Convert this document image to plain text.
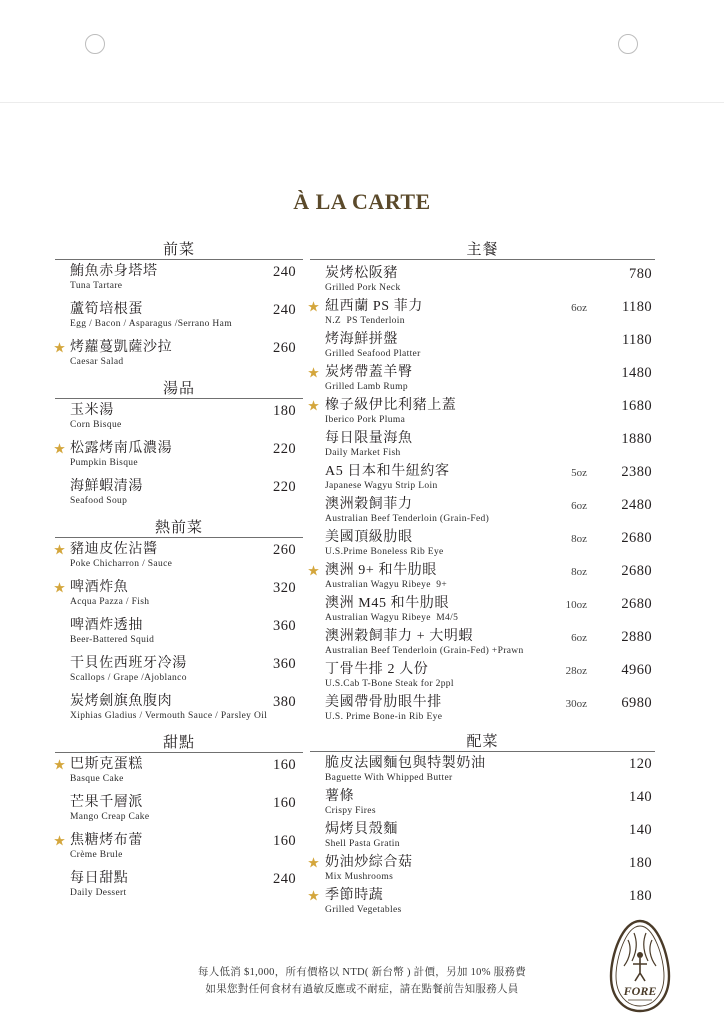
À LA CARTE
前菜
鮪魚赤身塔塔	240
Tuna Tartare
蘆筍培根蛋	240
Egg / Bacon / Asparagus /Serrano Ham
烤蘿蔓凱薩沙拉	260
Caesar Salad
湯品
玉米湯	180
Corn Bisque
松露烤南瓜濃湯	220
Pumpkin Bisque
海鮮蝦清湯	220
Seafood Soup
熱前菜
豬迪皮佐沾醬	260
Poke Chicharron / Sauce
啤酒炸魚	320
Acqua Pazza / Fish
啤酒炸透抽	360
Beer-Battered Squid
干貝佐西班牙冷湯	360
Scallops / Grape /Ajoblanco
炭烤劍旗魚腹肉	380
Xiphias Gladius / Vermouth Sauce / Parsley Oil
甜點
巴斯克蛋糕	160
Basque Cake
芒果千層派	160
Mango Creap Cake
焦糖烤布蕾	160
Crème Brule
每日甜點	240
Daily Dessert
主餐
炭烤松阪豬	780
Grilled Pork Neck
紐西蘭 PS 菲力	6oz 1180
N.Z  PS Tenderloin
烤海鮮拼盤	1180
Grilled Seafood Platter
炭烤帶蓋羊臀	1480
Grilled Lamb Rump
橡子級伊比利豬上蓋	1680
Iberico Pork Pluma
每日限量海魚	1880
Daily Market Fish
A5 日本和牛紐約客	5oz 2380
Japanese Wagyu Strip Loin
澳洲穀飼菲力	6oz 2480
Australian Beef Tenderloin (Grain-Fed)
美國頂級肋眼	8oz 2680
U.S.Prime Boneless Rib Eye
澳洲 9+ 和牛肋眼	8oz 2680
Australian Wagyu Ribeye  9+
澳洲 M45 和牛肋眼	10oz 2680
Australian Wagyu Ribeye  M4/5
澳洲穀飼菲力 + 大明蝦	6oz 2880
Australian Beef Tenderloin (Grain-Fed) +Prawn
丁骨牛排 2 人份	28oz 4960
U.S.Cab T-Bone Steak for 2ppl
美國帶骨肋眼牛排	30oz 6980
U.S. Prime Bone-in Rib Eye
配菜
脆皮法國麵包與特製奶油	120
Baguette With Whipped Butter
薯條	140
Crispy Fires
焗烤貝殼麵	140
Shell Pasta Gratin
奶油炒綜合菇	180
Mix Mushrooms
季節時蔬	180
Grilled Vegetables
每人低消 $1,000，所有價格以 NTD( 新台幣 ) 計價，另加 10% 服務費
如果您對任何食材有過敏反應或不耐症，請在點餐前告知服務人員	FORE
